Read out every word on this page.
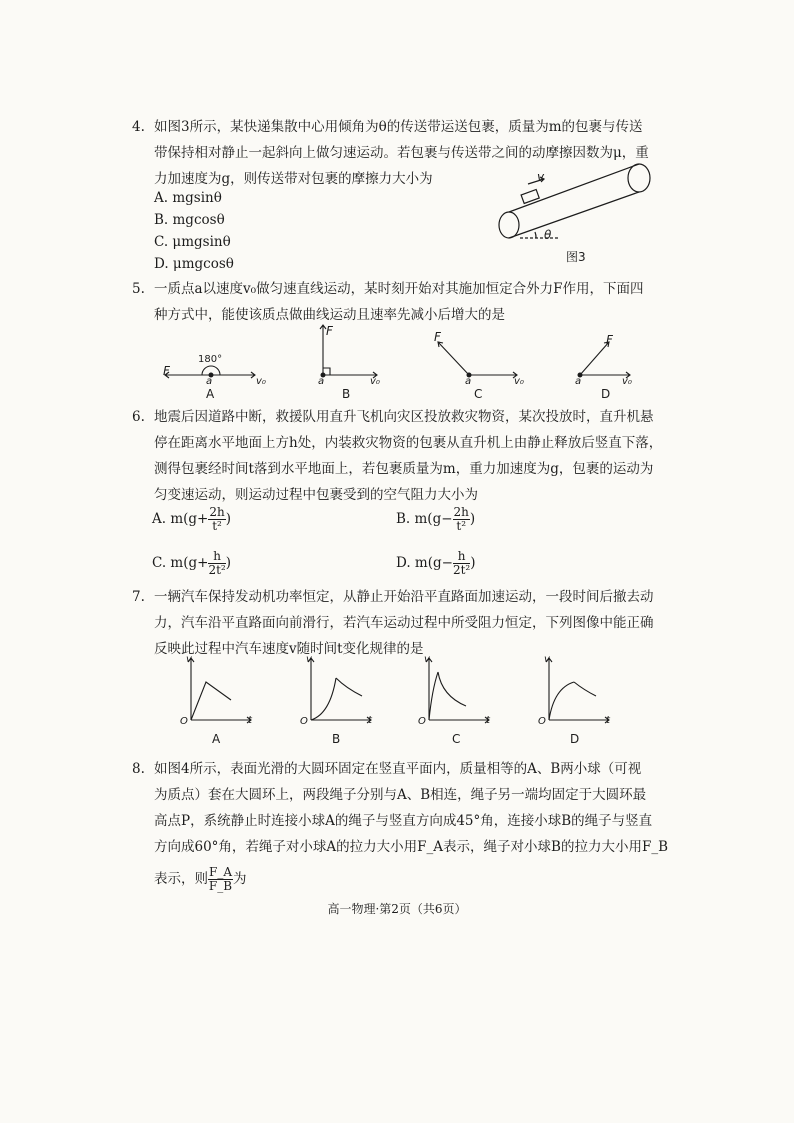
4. 如图3所示，某快递集散中心用倾角为θ的传送带运送包裹，质量为m的包裹与传送

带保持相对静止一起斜向上做匀速运动。若包裹与传送带之间的动摩擦因数为μ，重

力加速度为g，则传送带对包裹的摩擦力大小为

A. mgsinθ
B. mgcosθ
C. μmgsinθ
D. μmgcosθ
v
θ
图3
5. 一质点a以速度v₀做匀速直线运动，某时刻开始对其施加恒定合外力F作用，下面四

种方式中，能使该质点做曲线运动且速率先减小后增大的是

180°
F
a	v₀
A
F
a	v₀
B
F
a	v₀
C
F
a	v₀
D
6. 地震后因道路中断，救援队用直升飞机向灾区投放救灾物资，某次投放时，直升机悬

停在距离水平地面上方h处，内装救灾物资的包裹从直升机上由静止释放后竖直下落，

测得包裹经时间t落到水平地面上，若包裹质量为m，重力加速度为g，包裹的运动为

匀变速运动，则运动过程中包裹受到的空气阻力大小为

A. $m(g+ \frac{2h}{\text{t²}}$ )	B. $m(g- \frac{2h}{\text{t²}}$ )
C. $m(g+ \frac{h}{\text{2t²}}$ )	D. $m(g- \frac{h}{\text{2t²}}$ )
7. 一辆汽车保持发动机功率恒定，从静止开始沿平直路面加速运动，一段时间后撤去动

力，汽车沿平直路面向前滑行，若汽车运动过程中所受阻力恒定，下列图像中能正确

反映此过程中汽车速度v随时间t变化规律的是

v
t
O
A
v
t
O
B
v
t
O
C
v
t
O
D
8. 如图4所示，表面光滑的大圆环固定在竖直平面内，质量相等的A、B两小球（可视

为质点）套在大圆环上，两段绳子分别与A、B相连，绳子另一端均固定于大圆环最

高点P，系统静止时连接小球A的绳子与竖直方向成45°角，连接小球B的绳子与竖直

方向成60°角，若绳子对小球A的拉力大小用F_A表示，绳子对小球B的拉力大小用F_B

表示，则 $\frac{F\_A}{F\_B}$ 为

高一物理·第2页（共6页）
